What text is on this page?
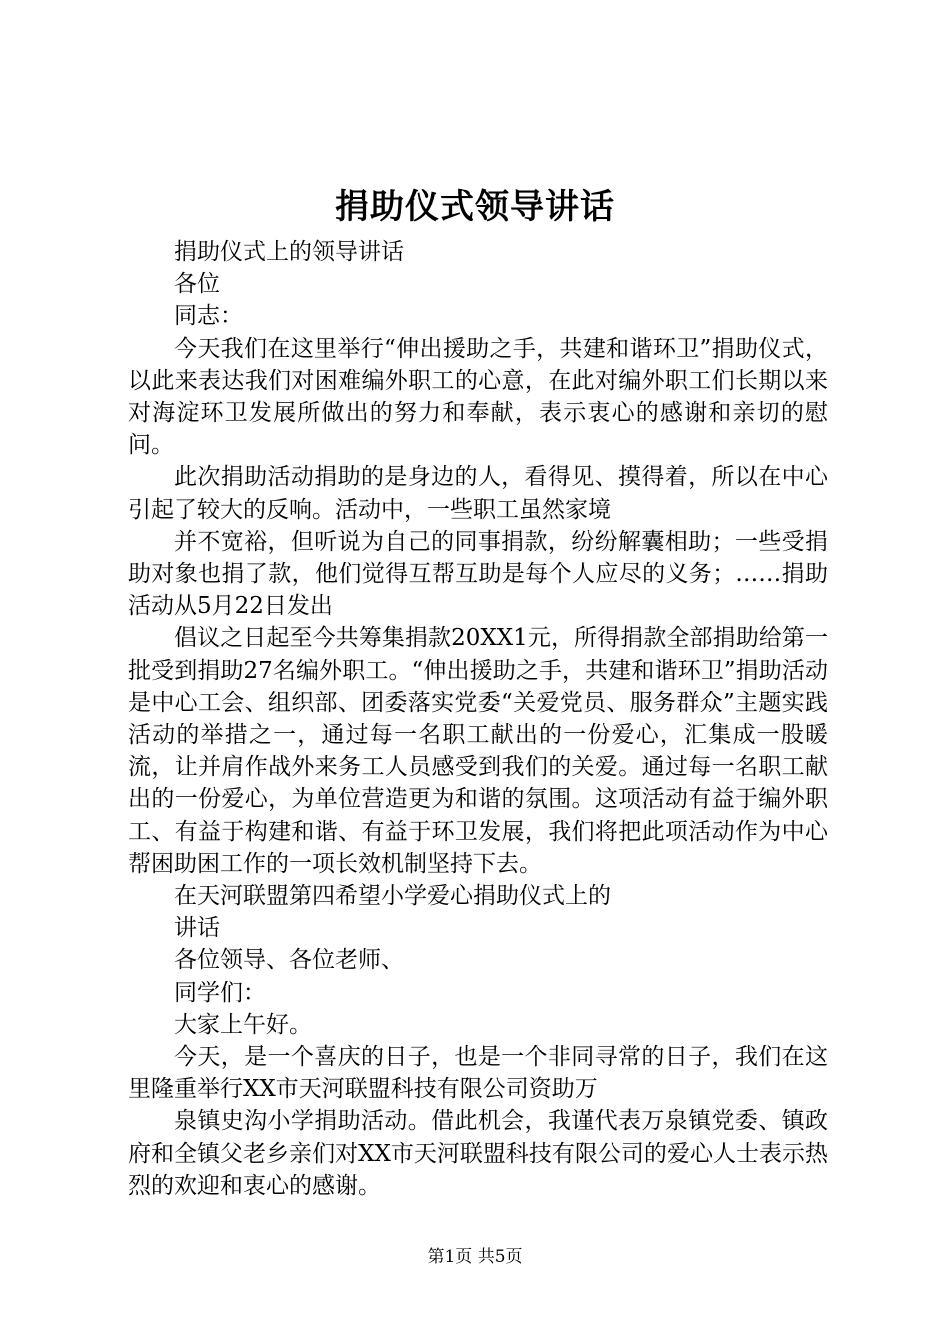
捐助仪式领导讲话

捐助仪式上的领导讲话

各位

同志：

今天我们在这里举行“伸出援助之手，共建和谐环卫”捐助仪式，以此来表达我们对困难编外职工的心意，在此对编外职工们长期以来对海淀环卫发展所做出的努力和奉献，表示衷心的感谢和亲切的慰问。

此次捐助活动捐助的是身边的人，看得见、摸得着，所以在中心引起了较大的反响。活动中，一些职工虽然家境

并不宽裕，但听说为自己的同事捐款，纷纷解囊相助；一些受捐助对象也捐了款，他们觉得互帮互助是每个人应尽的义务；……捐助活动从5月22日发出

倡议之日起至今共筹集捐款20XX1元，所得捐款全部捐助给第一批受到捐助27名编外职工。“伸出援助之手，共建和谐环卫”捐助活动是中心工会、组织部、团委落实党委“关爱党员、服务群众”主题实践活动的举措之一，通过每一名职工献出的一份爱心，汇集成一股暖流，让并肩作战外来务工人员感受到我们的关爱。通过每一名职工献出的一份爱心，为单位营造更为和谐的氛围。这项活动有益于编外职工、有益于构建和谐、有益于环卫发展，我们将把此项活动作为中心帮困助困工作的一项长效机制坚持下去。

在天河联盟第四希望小学爱心捐助仪式上的

讲话

各位领导、各位老师、

同学们：

大家上午好。

今天，是一个喜庆的日子，也是一个非同寻常的日子，我们在这里隆重举行XX市天河联盟科技有限公司资助万

泉镇史沟小学捐助活动。借此机会，我谨代表万泉镇党委、镇政府和全镇父老乡亲们对XX市天河联盟科技有限公司的爱心人士表示热烈的欢迎和衷心的感谢。

第1页 共5页
